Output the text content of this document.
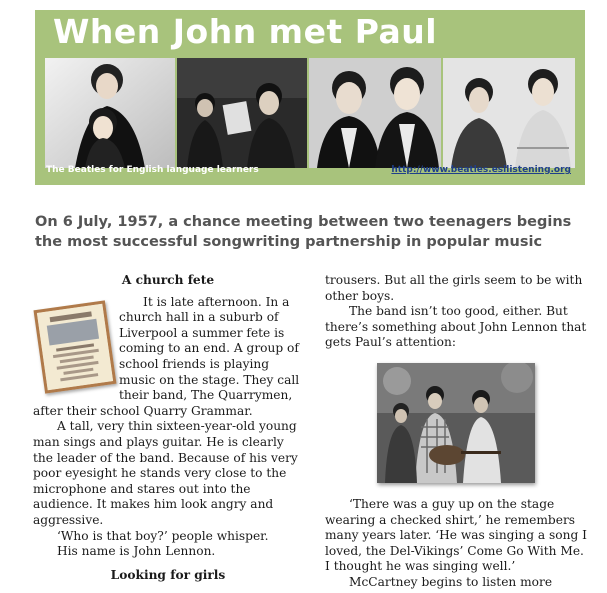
When John met Paul
The Beatles for English language learners	http://www.beatles.esllistening.org
On 6 July, 1957, a chance meeting between two teenagers begins the most successful songwriting partnership in popular music
A church fete

It is late afternoon. In a church hall in a suburb of Liverpool a summer fete is coming to an end. A group of school friends is playing music on the stage. They call their band, The Quarrymen, after their school Quarry Grammar.

A tall, very thin sixteen-year-old young man sings and plays guitar. He is clearly the leader of the band. Because of his very poor eyesight he stands very close to the microphone and stares out into the audience. It makes him look angry and aggressive.

‘Who is that boy?’ people whisper.

His name is John Lennon.

Looking for girls

trousers. But all the girls seem to be with other boys.

The band isn’t too good, either. But there’s something about John Lennon that gets Paul’s attention:

‘There was a guy up on the stage wearing a checked shirt,’ he remembers many years later. ‘He was singing a song I loved, the Del-Vikings’ Come Go With Me. I thought he was singing well.’

McCartney begins to listen more
